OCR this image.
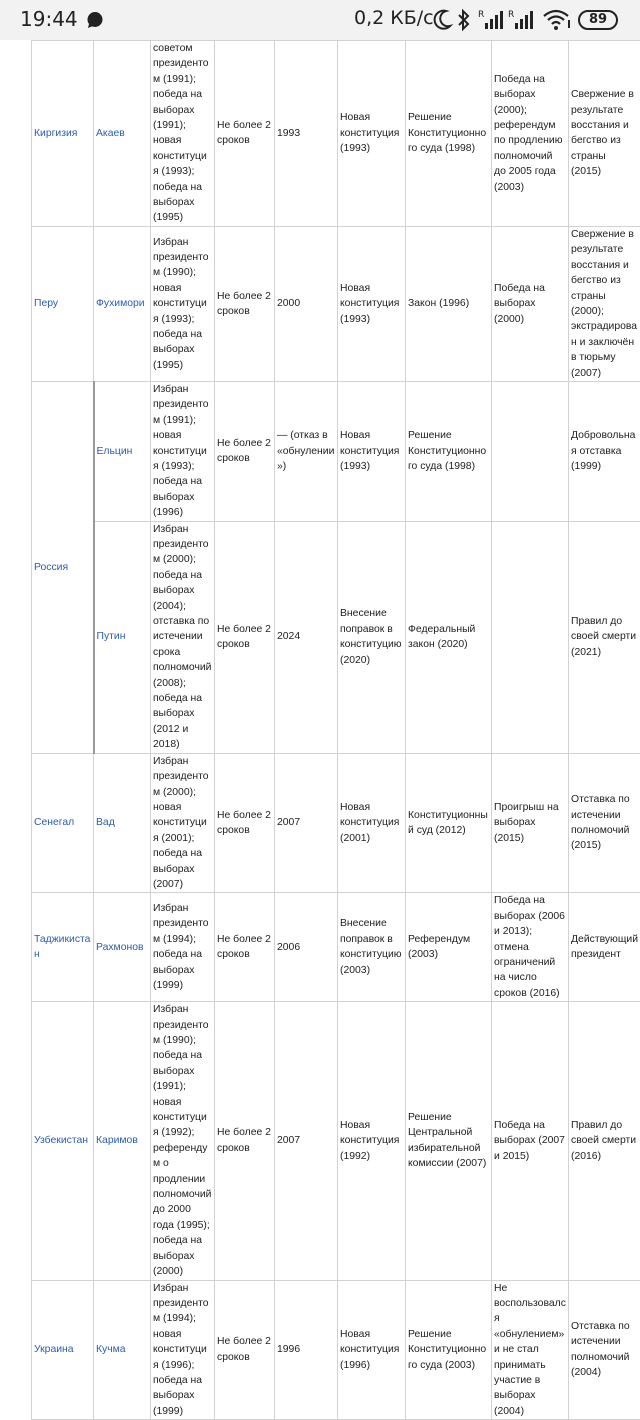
19:44	0,2 КБ/с	R	R	89
Киргизия	Акаев	советом президентом (1991); победа на выборах (1991); новая конституция (1993); победа на выборах (1995)	Не более 2 сроков	1993	Новая конституция (1993)	Решение Конституционного суда (1998)	Победа на выборах (2000); референдум по продлению полномочий до 2005 года (2003)	Свержение в результате восстания и бегство из страны (2015)
Перу	Фухимори	Избран президентом (1990); новая конституция (1993); победа на выборах (1995)	Не более 2 сроков	2000	Новая конституция (1993)	Закон (1996)	Победа на выборах (2000)	Свержение в результате восстания и бегство из страны (2000); экстрадирован и заключён в тюрьму (2007)
Россия	Ельцин	Избран президентом (1991); новая конституция (1993); победа на выборах (1996)	Не более 2 сроков	— (отказ в «обнулении»)	Новая конституция (1993)	Решение Конституционного суда (1998)		Добровольная отставка (1999)
	Путин	Избран президентом (2000); победа на выборах (2004); отставка по истечении срока полномочий (2008); победа на выборах (2012 и 2018)	Не более 2 сроков	2024	Внесение поправок в конституцию (2020)	Федеральный закон (2020)		Правил до своей смерти (2021)
Сенегал	Вад	Избран президентом (2000); новая конституция (2001); победа на выборах (2007)	Не более 2 сроков	2007	Новая конституция (2001)	Конституционный суд (2012)	Проигрыш на выборах (2015)	Отставка по истечении полномочий (2015)
Таджикистан	Рахмонов	Избран президентом (1994); победа на выборах (1999)	Не более 2 сроков	2006	Внесение поправок в конституцию (2003)	Референдум (2003)	Победа на выборах (2006 и 2013); отмена ограничений на число сроков (2016)	Действующий президент
Узбекистан	Каримов	Избран президентом (1990); победа на выборах (1991); новая конституция (1992); референдум о продлении полномочий до 2000 года (1995); победа на выборах (2000)	Не более 2 сроков	2007	Новая конституция (1992)	Решение Центральной избирательной комиссии (2007)	Победа на выборах (2007 и 2015)	Правил до своей смерти (2016)
Украина	Кучма	Избран президентом (1994); новая конституция (1996); победа на выборах (1999)	Не более 2 сроков	1996	Новая конституция (1996)	Решение Конституционного суда (2003)	Не воспользовался «обнулением» и не стал принимать участие в выборах (2004)	Отставка по истечении полномочий (2004)
